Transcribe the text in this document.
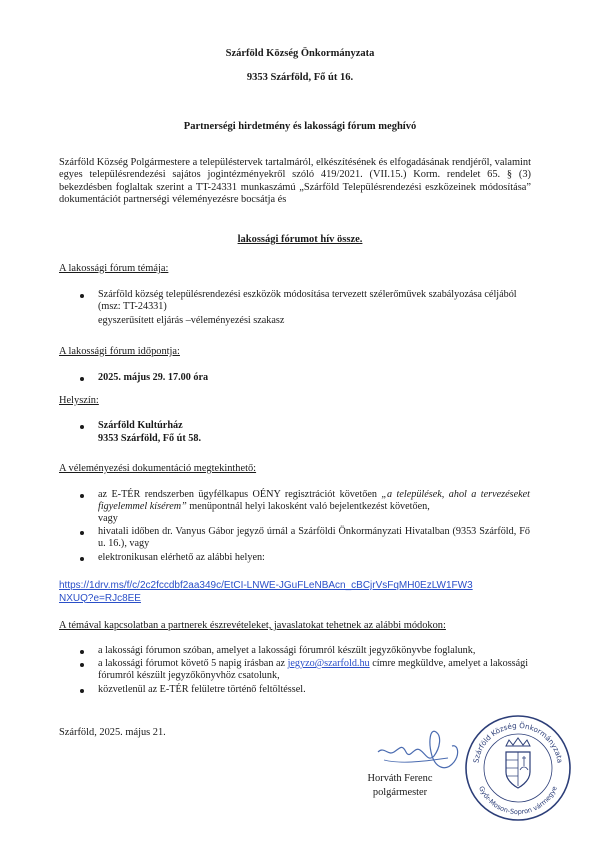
Szárföld Község Önkormányzata
9353 Szárföld, Fő út 16.
Partnerségi hirdetmény és lakossági fórum meghívó
Szárföld Község Polgármestere a településtervek tartalmáról, elkészítésének és elfogadásának rendjéről, valamint egyes településrendezési sajátos jogintézményekről szóló 419/2021. (VII.15.) Korm. rendelet 65. § (3) bekezdésben foglaltak szerint a TT-24331 munkaszámú „Szárföld Településrendezési eszközeinek módosítása” dokumentációt partnerségi véleményezésre bocsátja és
lakossági fórumot hív össze.
A lakossági fórum témája:
Szárföld község településrendezési eszközök módosítása tervezett szélerőművek szabályozása céljából (msz: TT-24331)
egyszerűsített eljárás –véleményezési szakasz
A lakossági fórum időpontja:
2025. május 29. 17.00 óra
Helyszín:
Szárföld Kultúrház
9353 Szárföld, Fő út 58.
A véleményezési dokumentáció megtekinthető:
az E-TÉR rendszerben ügyfélkapus OÉNY regisztrációt követően „a települések, ahol a tervezéseket figyelemmel kísérem” menüpontnál helyi lakosként való bejelentkezést követően,
vagy
hivatali időben dr. Vanyus Gábor jegyző úrnál a Szárföldi Önkormányzati Hivatalban (9353 Szárföld, Fő u. 16.), vagy
elektronikusan elérhető az alábbi helyen:
https://1drv.ms/f/c/2c2fccdbf2aa349c/EtCI-LNWE-JGuFLeNBAcn_cBCjrVsFqMH0EzLW1FW3NXUQ?e=RJc8EE
A témával kapcsolatban a partnerek észrevételeket, javaslatokat tehetnek az alábbi módokon:
a lakossági fórumon szóban, amelyet a lakossági fórumról készült jegyzőkönyvbe foglalunk,
a lakossági fórumot követő 5 napig írásban az jegyzo@szarfold.hu címre megküldve, amelyet a lakossági fórumról készült jegyzőkönyvhöz csatolunk,
közvetlenül az E-TÉR felületre történő feltöltéssel.
Szárföld, 2025. május 21.
Horváth Ferenc
polgármester
Szárföld Község Önkormányzata
Győr-Moson-Sopron vármegye
